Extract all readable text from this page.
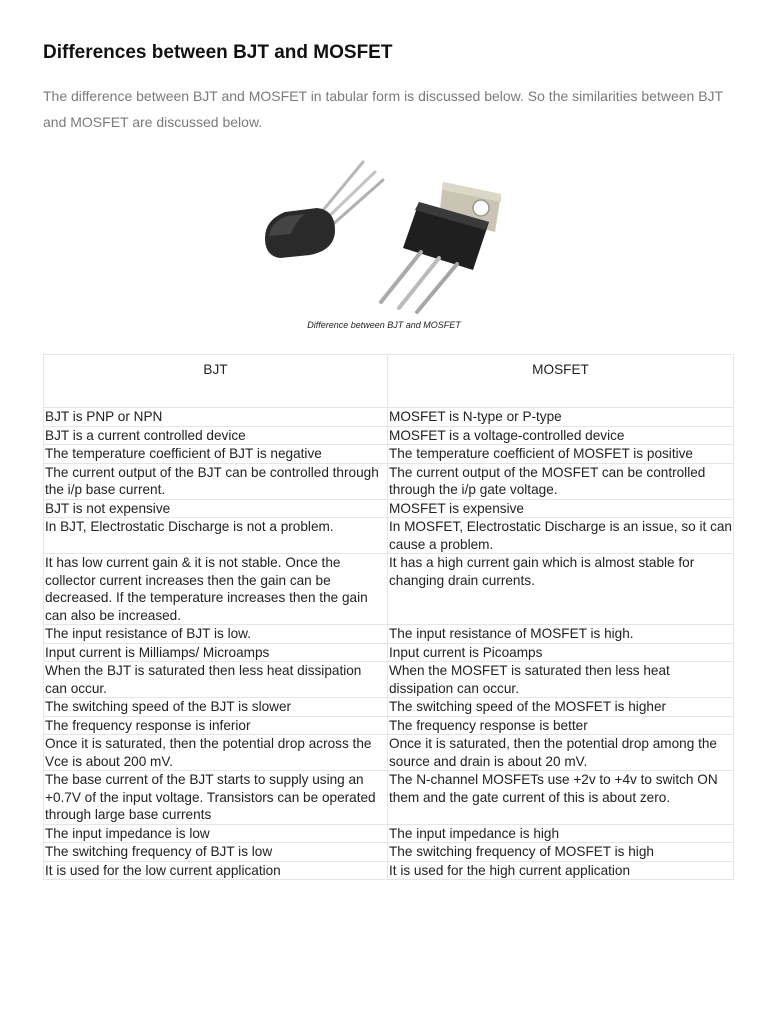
Differences between BJT and MOSFET

The difference between BJT and MOSFET in tabular form is discussed below. So the similarities between BJT and MOSFET are discussed below.

Difference between BJT and MOSFET
BJT	MOSFET
BJT is PNP or NPN	MOSFET is N-type or P-type
BJT is a current controlled device	MOSFET is a voltage-controlled device
The temperature coefficient of BJT is negative	The temperature coefficient of MOSFET is positive
The current output of the BJT can be controlled through the i/p base current.	The current output of the MOSFET can be controlled through the i/p gate voltage.
BJT is not expensive	MOSFET is expensive
In BJT, Electrostatic Discharge is not a problem.	In MOSFET, Electrostatic Discharge is an issue, so it can cause a problem.
It has low current gain & it is not stable. Once the collector current increases then the gain can be decreased. If the temperature increases then the gain can also be increased.	It has a high current gain which is almost stable for changing drain currents.
The input resistance of BJT is low.	The input resistance of MOSFET is high.
Input current is Milliamps/ Microamps	Input current is Picoamps
When the BJT is saturated then less heat dissipation can occur.	When the MOSFET is saturated then less heat dissipation can occur.
The switching speed of the BJT is slower	The switching speed of the MOSFET is higher
The frequency response is inferior	The frequency response is better
Once it is saturated, then the potential drop across the Vce is about 200 mV.	Once it is saturated, then the potential drop among the source and drain is about 20 mV.
The base current of the BJT starts to supply using an +0.7V of the input voltage. Transistors can be operated through large base currents	The N-channel MOSFETs use +2v to +4v to switch ON them and the gate current of this is about zero.
The input impedance is low	The input impedance is high
The switching frequency of BJT is low	The switching frequency of MOSFET is high
It is used for the low current application	It is used for the high current application
